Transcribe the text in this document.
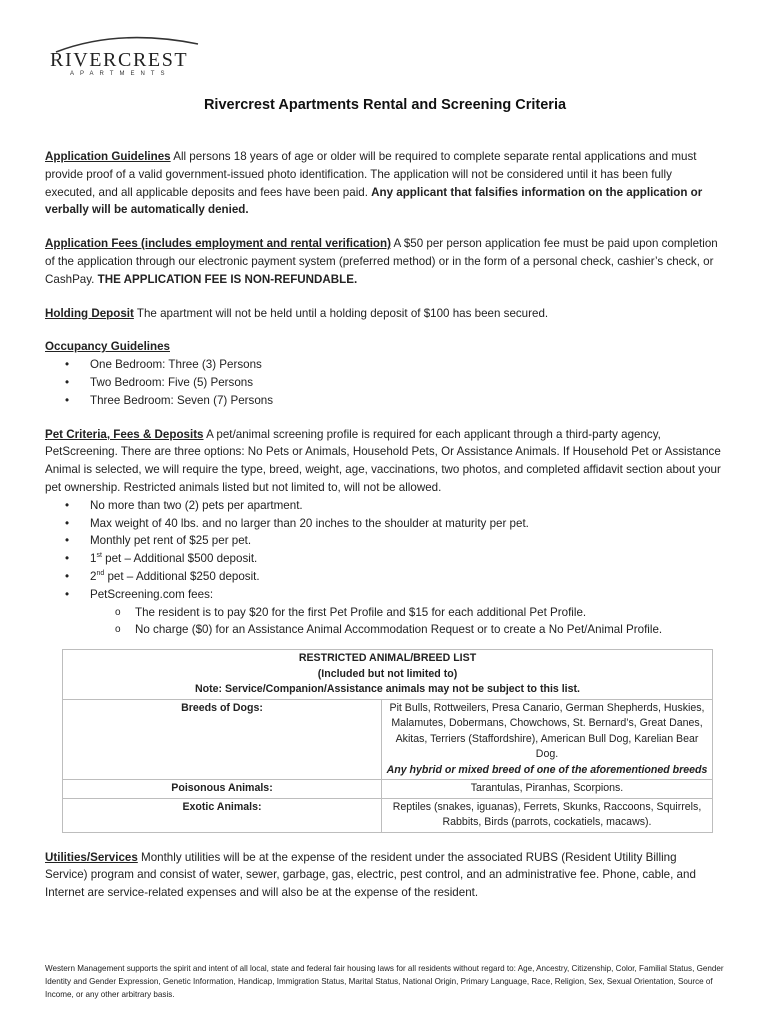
RIVERCREST
APARTMENTS
Rivercrest Apartments Rental and Screening Criteria

Application Guidelines All persons 18 years of age or older will be required to complete separate rental applications and must provide proof of a valid government-issued photo identification. The application will not be considered until it has been fully executed, and all applicable deposits and fees have been paid. Any applicant that falsifies information on the application or verbally will be automatically denied.

Application Fees (includes employment and rental verification) A $50 per person application fee must be paid upon completion of the application through our electronic payment system (preferred method) or in the form of a personal check, cashier’s check, or CashPay. THE APPLICATION FEE IS NON-REFUNDABLE.

Holding Deposit The apartment will not be held until a holding deposit of $100 has been secured.

Occupancy Guidelines

• One Bedroom: Three (3) Persons
• Two Bedroom: Five (5) Persons
• Three Bedroom: Seven (7) Persons

Pet Criteria, Fees & Deposits A pet/animal screening profile is required for each applicant through a third-party agency, PetScreening. There are three options: No Pets or Animals, Household Pets, Or Assistance Animals. If Household Pet or Assistance Animal is selected, we will require the type, breed, weight, age, vaccinations, two photos, and completed affidavit section about your pet ownership. Restricted animals listed but not limited to, will not be allowed.

• No more than two (2) pets per apartment.
• Max weight of 40 lbs. and no larger than 20 inches to the shoulder at maturity per pet.
• Monthly pet rent of $25 per pet.
• 1st pet – Additional $500 deposit.
• 2nd pet – Additional $250 deposit.
• PetScreening.com fees:
o The resident is to pay $20 for the first Pet Profile and $15 for each additional Pet Profile.
o No charge ($0) for an Assistance Animal Accommodation Request or to create a No Pet/Animal Profile.
RESTRICTED ANIMAL/BREED LIST
(Included but not limited to)
Note: Service/Companion/Assistance animals may not be subject to this list.	

Breeds of Dogs:	Pit Bulls, Rottweilers, Presa Canario, German Shepherds, Huskies, Malamutes, Dobermans, Chowchows, St. Bernard’s, Great Danes, Akitas, Terriers (Staffordshire), American Bull Dog, Karelian Bear Dog.
Any hybrid or mixed breed of one of the aforementioned breeds

Poisonous Animals:	Tarantulas, Piranhas, Scorpions.
Exotic Animals:	Reptiles (snakes, iguanas), Ferrets, Skunks, Raccoons, Squirrels, Rabbits, Birds (parrots, cockatiels, macaws).

Utilities/Services Monthly utilities will be at the expense of the resident under the associated RUBS (Resident Utility Billing Service) program and consist of water, sewer, garbage, gas, electric, pest control, and an administrative fee. Phone, cable, and Internet are service-related expenses and will also be at the expense of the resident.

Western Management supports the spirit and intent of all local, state and federal fair housing laws for all residents without regard to: Age, Ancestry, Citizenship, Color, Familial Status, Gender Identity and Gender Expression, Genetic Information, Handicap, Immigration Status, Marital Status, National Origin, Primary Language, Race, Religion, Sex, Sexual Orientation, Source of Income, or any other arbitrary basis.
